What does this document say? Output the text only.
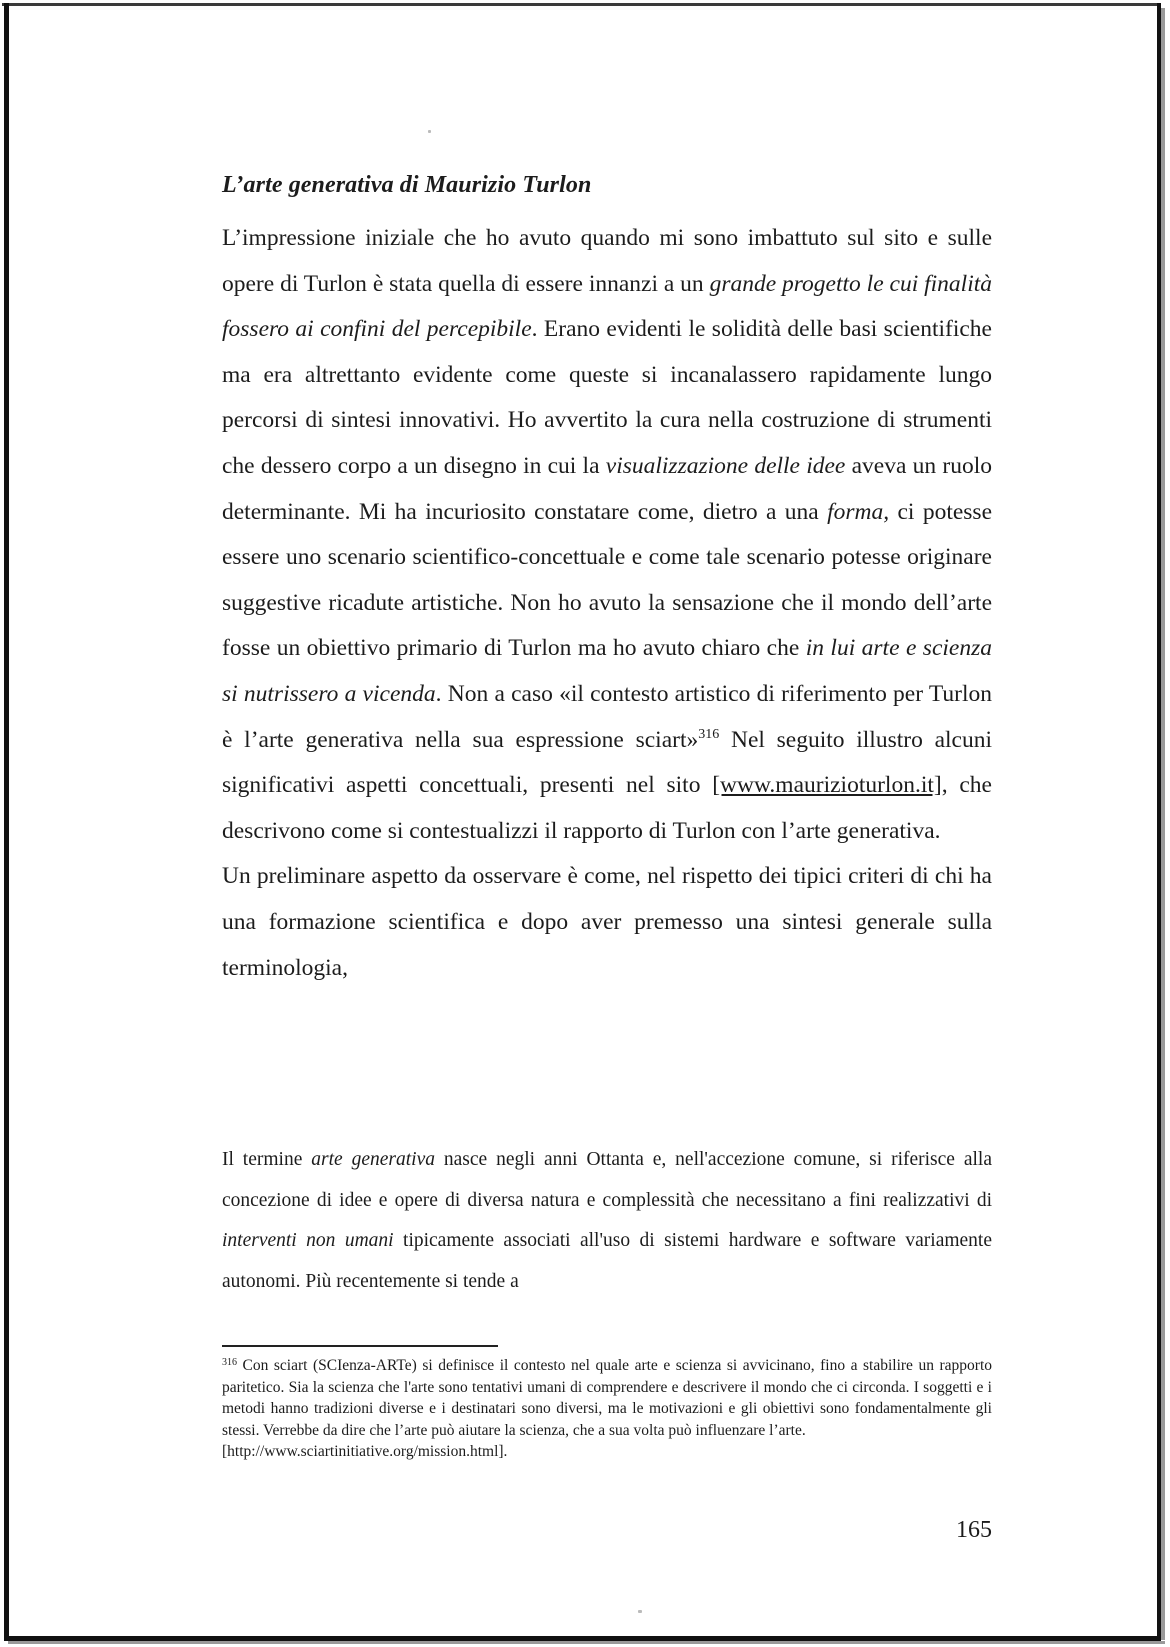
L’arte generativa di Maurizio Turlon

L’impressione iniziale che ho avuto quando mi sono imbattuto sul sito e sulle opere di Turlon è stata quella di essere innanzi a un grande progetto le cui finalità fossero ai confini del percepibile. Erano evidenti le solidità delle basi scientifiche ma era altrettanto evidente come queste si incanalassero rapidamente lungo percorsi di sintesi innovativi. Ho avvertito la cura nella costruzione di strumenti che dessero corpo a un disegno in cui la visualizzazione delle idee aveva un ruolo determinante. Mi ha incuriosito constatare come, dietro a una forma, ci potesse essere uno scenario scientifico-concettuale e come tale scenario potesse originare suggestive ricadute artistiche. Non ho avuto la sensazione che il mondo dell’arte fosse un obiettivo primario di Turlon ma ho avuto chiaro che in lui arte e scienza si nutrissero a vicenda. Non a caso «il contesto artistico di riferimento per Turlon è l’arte generativa nella sua espressione sciart»$^{316}$ Nel seguito illustro alcuni significativi aspetti concettuali, presenti nel sito [www.maurizioturlon.it], che descrivono come si contestualizzi il rapporto di Turlon con l’arte generativa.

Un preliminare aspetto da osservare è come, nel rispetto dei tipici criteri di chi ha una formazione scientifica e dopo aver premesso una sintesi generale sulla terminologia,

Il termine arte generativa nasce negli anni Ottanta e, nell'accezione comune, si riferisce alla concezione di idee e opere di diversa natura e complessità che necessitano a fini realizzativi di interventi non umani tipicamente associati all'uso di sistemi hardware e software variamente autonomi. Più recentemente si tende a
$^{316}$ Con sciart (SCIenza-ARTe) si definisce il contesto nel quale arte e scienza si avvicinano, fino a stabilire un rapporto paritetico. Sia la scienza che l'arte sono tentativi umani di comprendere e descrivere il mondo che ci circonda. I soggetti e i metodi hanno tradizioni diverse e i destinatari sono diversi, ma le motivazioni e gli obiettivi sono fondamentalmente gli stessi. Verrebbe da dire che l’arte può aiutare la scienza, che a sua volta può influenzare l’arte.
[http://www.sciartinitiative.org/mission.html].
165
